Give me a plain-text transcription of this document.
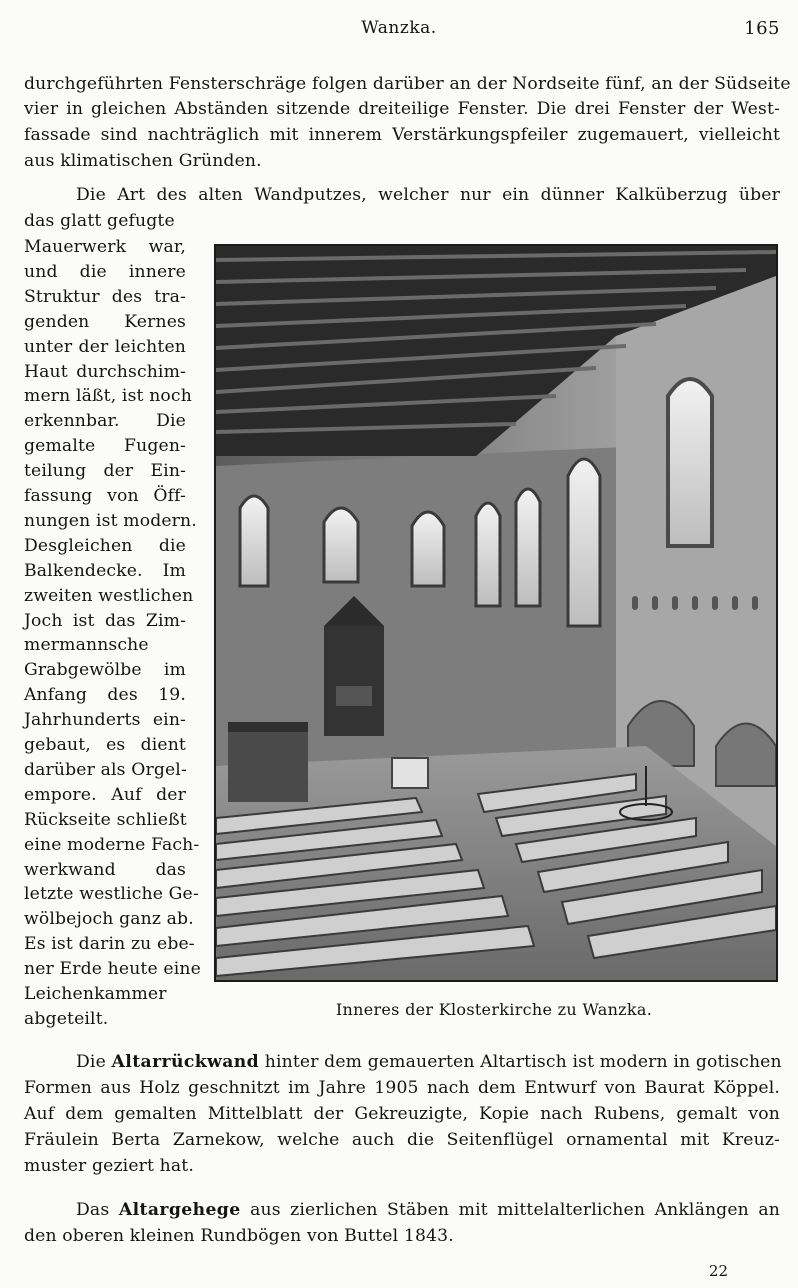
Wanzka.	165
durchgeführten Fensterschräge folgen darüber an der Nordseite fünf, an der Südseite
vier in gleichen Abständen sitzende dreiteilige Fenster. Die drei Fenster der West-
fassade sind nachträglich mit innerem Verstärkungspfeiler zugemauert, vielleicht
aus klimatischen Gründen.
Die Art des alten Wandputzes, welcher nur ein dünner Kalküberzug über
das glatt gefugte
Mauerwerk war,
und die innere
Struktur des tra-
genden Kernes
unter der leichten
Haut durchschim-
mern läßt, ist noch
erkennbar. Die
gemalte Fugen-
teilung der Ein-
fassung von Öff-
nungen ist modern.
Desgleichen die
Balkendecke. Im
zweiten westlichen
Joch ist das Zim-
mermannsche
Grabgewölbe im
Anfang des 19.
Jahrhunderts ein-
gebaut, es dient
darüber als Orgel-
empore. Auf der
Rückseite schließt
eine moderne Fach-
werkwand das
letzte westliche Ge-
wölbejoch ganz ab.
Es ist darin zu ebe-
ner Erde heute eine
Leichenkammer
abgeteilt.	Inneres der Klosterkirche zu Wanzka.
Die Altarrückwand hinter dem gemauerten Altartisch ist modern in gotischen
Formen aus Holz geschnitzt im Jahre 1905 nach dem Entwurf von Baurat Köppel.
Auf dem gemalten Mittelblatt der Gekreuzigte, Kopie nach Rubens, gemalt von
Fräulein Berta Zarnekow, welche auch die Seitenflügel ornamental mit Kreuz-
muster geziert hat.
Das Altargehege aus zierlichen Stäben mit mittelalterlichen Anklängen an
den oberen kleinen Rundbögen von Buttel 1843.
22
